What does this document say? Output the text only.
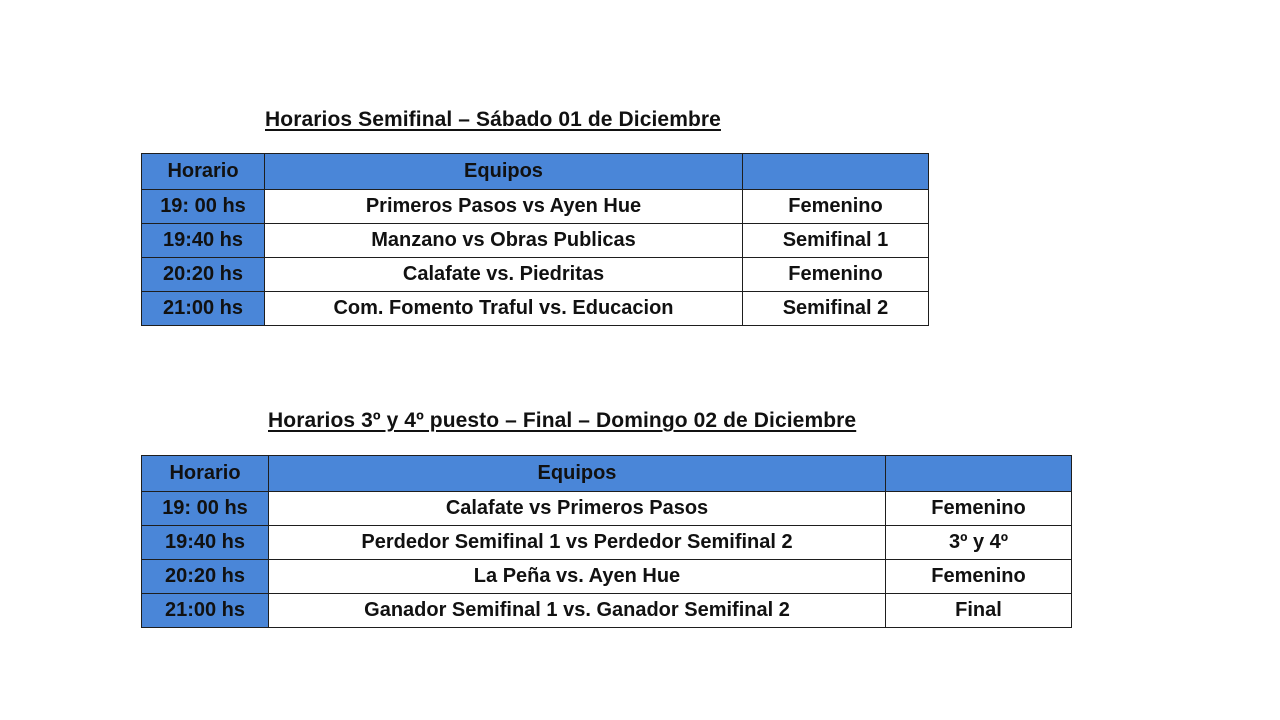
Horarios Semifinal – Sábado 01 de Diciembre
Horario	Equipos	
19: 00 hs	Primeros Pasos vs Ayen Hue	Femenino
19:40 hs	Manzano vs Obras Publicas	Semifinal 1
20:20 hs	Calafate vs. Piedritas	Femenino
21:00 hs	Com. Fomento Traful vs. Educacion	Semifinal 2
Horarios 3º y 4º puesto – Final – Domingo 02 de Diciembre
Horario	Equipos	
19: 00 hs	Calafate vs Primeros Pasos	Femenino
19:40 hs	Perdedor Semifinal 1 vs Perdedor Semifinal 2	3º y 4º
20:20 hs	La Peña vs. Ayen Hue	Femenino
21:00 hs	Ganador Semifinal 1 vs. Ganador Semifinal 2	Final
